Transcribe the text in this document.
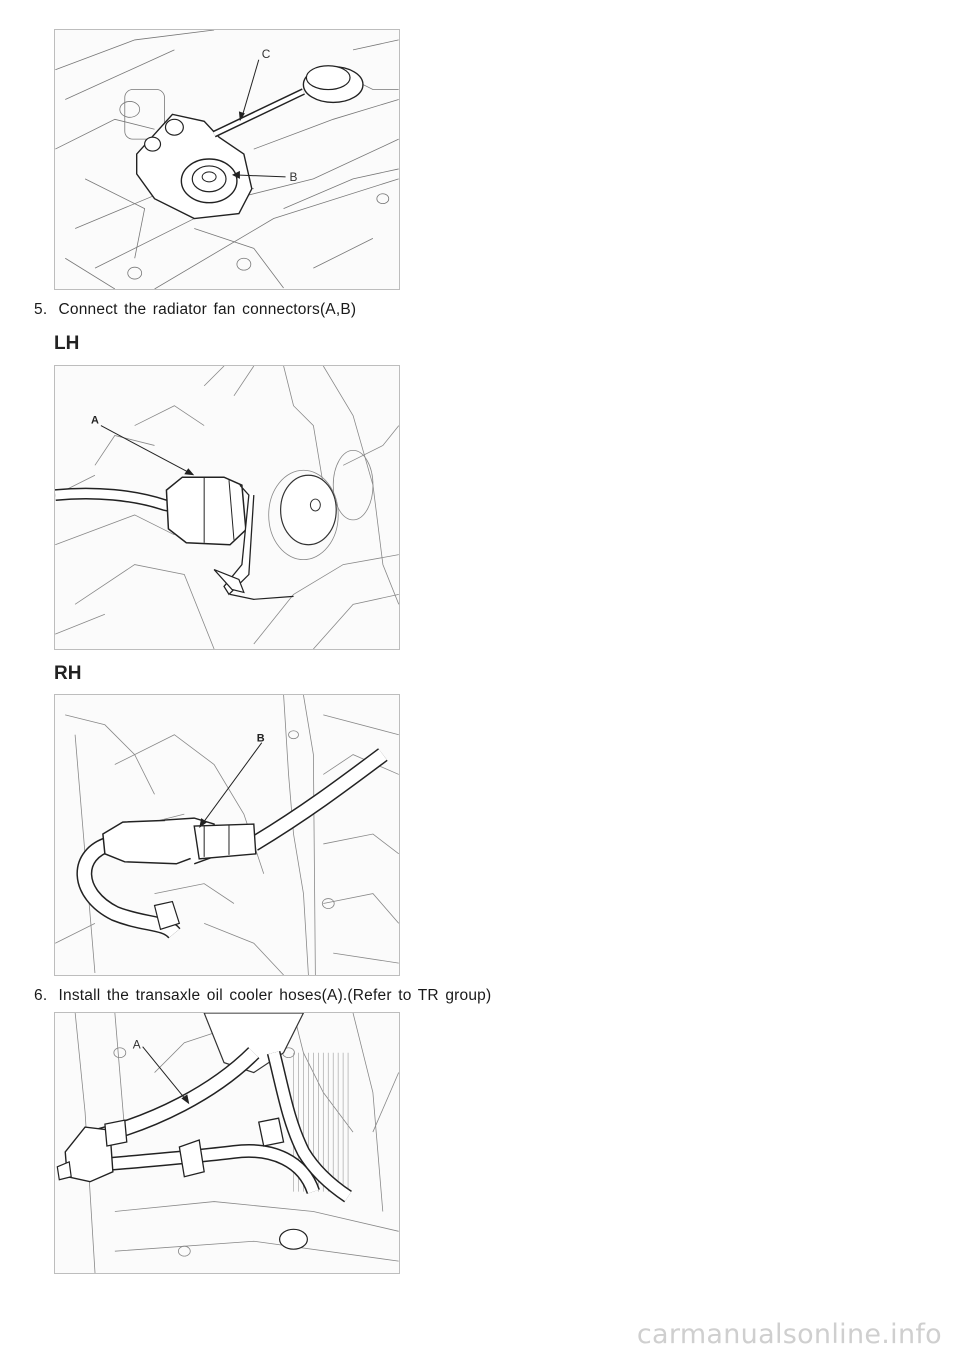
C
B
5. Connect the radiator fan connectors(A,B)
LH
A
RH
B
6. Install the transaxle oil cooler hoses(A).(Refer to TR group)
A
carmanualsonline.info
